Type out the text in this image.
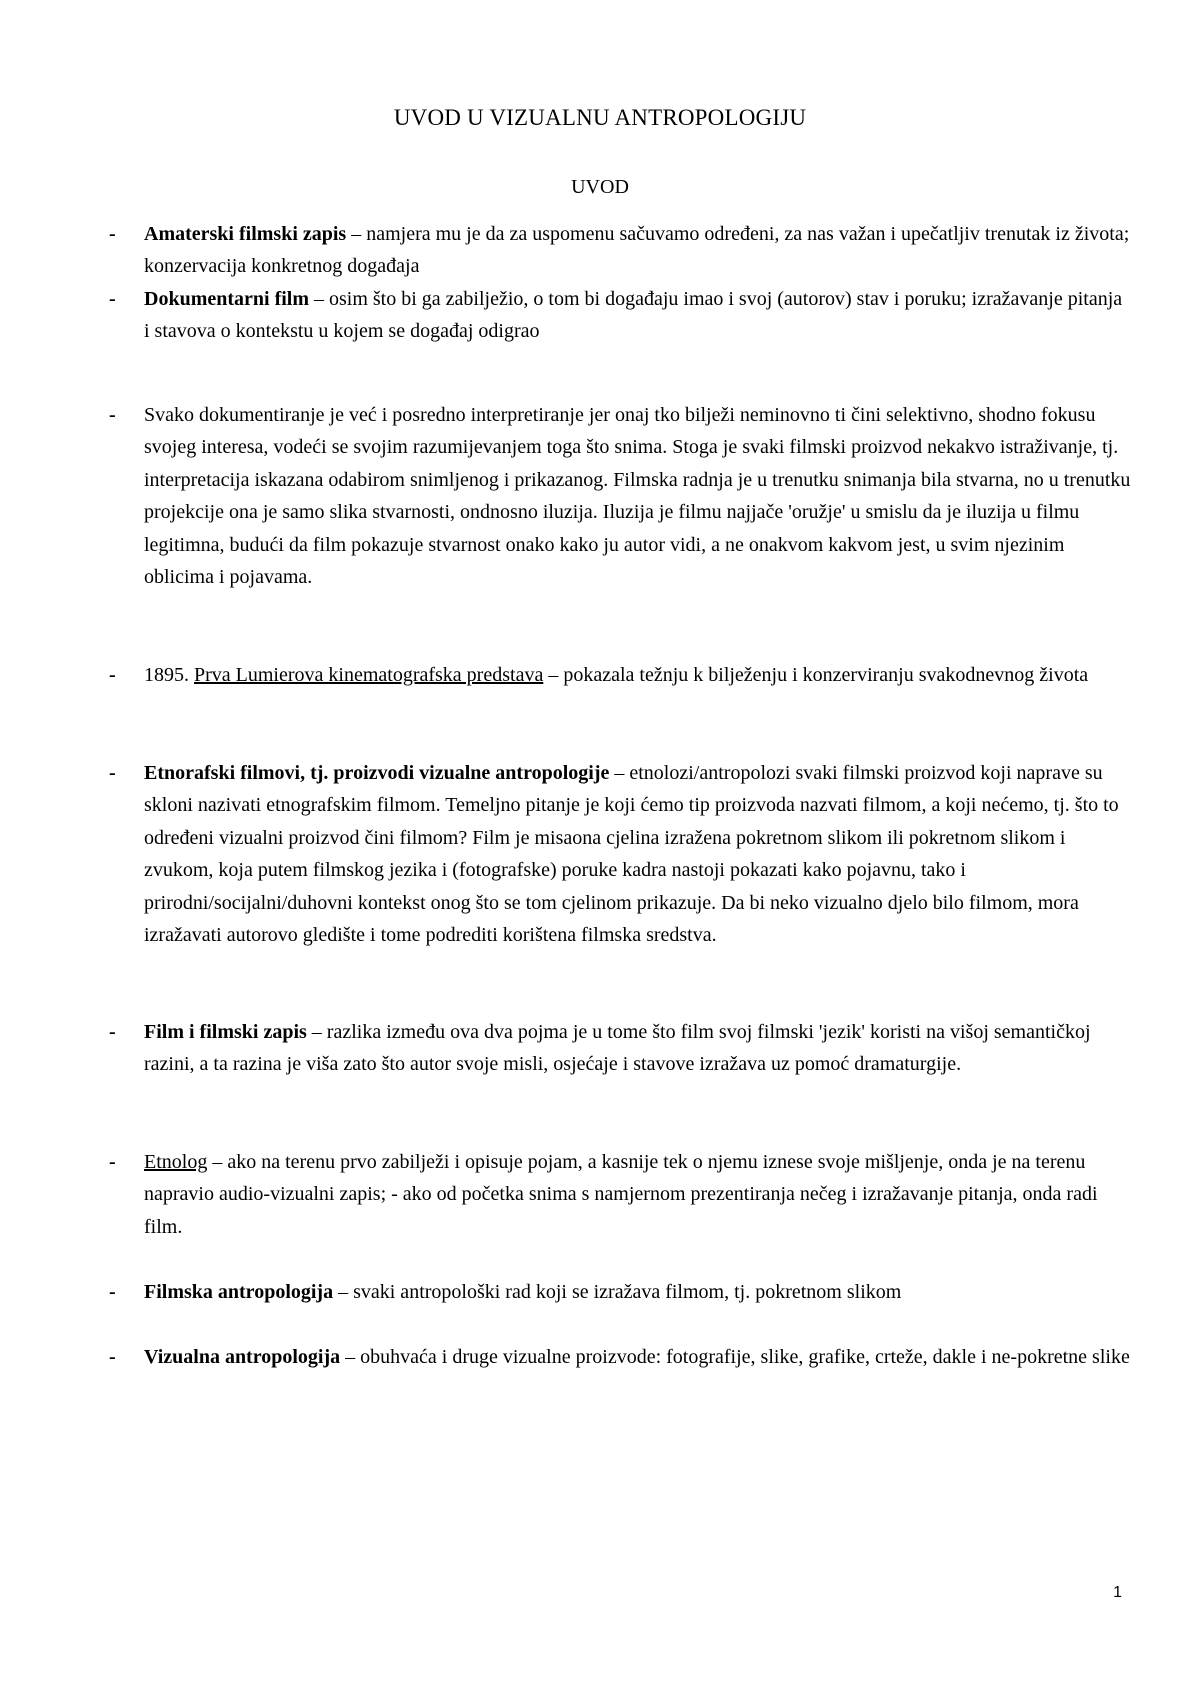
UVOD U VIZUALNU ANTROPOLOGIJU
UVOD
- Amaterski filmski zapis – namjera mu je da za uspomenu sačuvamo određeni, za nas važan i upečatljiv trenutak iz života; konzervacija konkretnog događaja
- Dokumentarni film – osim što bi ga zabilježio, o tom bi događaju imao i svoj (autorov) stav i poruku; izražavanje pitanja i stavova o kontekstu u kojem se događaj odigrao
- Svako dokumentiranje je već i posredno interpretiranje jer onaj tko bilježi neminovno ti čini selektivno, shodno fokusu svojeg interesa, vodeći se svojim razumijevanjem toga što snima. Stoga je svaki filmski proizvod nekakvo istraživanje, tj. interpretacija iskazana odabirom snimljenog i prikazanog. Filmska radnja je u trenutku snimanja bila stvarna, no u trenutku projekcije ona je samo slika stvarnosti, ondnosno iluzija. Iluzija je filmu najjače 'oružje' u smislu da je iluzija u filmu legitimna, budući da film pokazuje stvarnost onako kako ju autor vidi, a ne onakvom kakvom jest, u svim njezinim oblicima i pojavama.
- 1895. Prva Lumierova kinematografska predstava – pokazala težnju k bilježenju i konzerviranju svakodnevnog života
- Etnorafski filmovi, tj. proizvodi vizualne antropologije – etnolozi/antropolozi svaki filmski proizvod koji naprave su skloni nazivati etnografskim filmom. Temeljno pitanje je koji ćemo tip proizvoda nazvati filmom, a koji nećemo, tj. što to određeni vizualni proizvod čini filmom? Film je misaona cjelina izražena pokretnom slikom ili pokretnom slikom i zvukom, koja putem filmskog jezika i (fotografske) poruke kadra nastoji pokazati kako pojavnu, tako i prirodni/socijalni/duhovni kontekst onog što se tom cjelinom prikazuje. Da bi neko vizualno djelo bilo filmom, mora izražavati autorovo gledište i tome podrediti korištena filmska sredstva.
- Film i filmski zapis – razlika između ova dva pojma je u tome što film svoj filmski 'jezik' koristi na višoj semantičkoj razini, a ta razina je viša zato što autor svoje misli, osjećaje i stavove izražava uz pomoć dramaturgije.
- Etnolog – ako na terenu prvo zabilježi i opisuje pojam, a kasnije tek o njemu iznese svoje mišljenje, onda je na terenu napravio audio-vizualni zapis; - ako od početka snima s namjernom prezentiranja nečeg i izražavanje pitanja, onda radi film.
- Filmska antropologija – svaki antropološki rad koji se izražava filmom, tj. pokretnom slikom
- Vizualna antropologija – obuhvaća i druge vizualne proizvode: fotografije, slike, grafike, crteže, dakle i ne-pokretne slike
1
